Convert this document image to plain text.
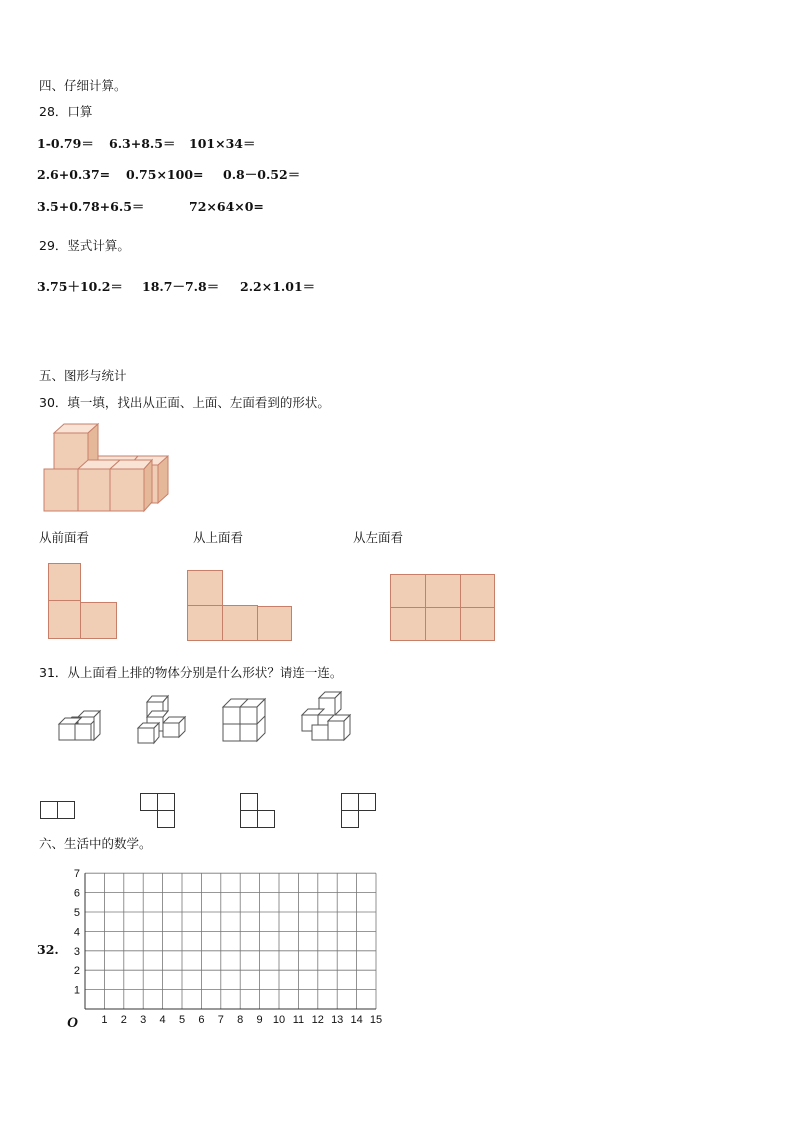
四、仔细计算。
28．口算
1-0.79＝ 6.3+8.5＝ 101×34＝
2.6+0.37= 0.75×100= 0.8－0.52＝
3.5+0.78+6.5＝	72×64×0=
29．竖式计算。
3.75＋10.2＝ 18.7－7.8＝ 2.2×1.01＝
五、图形与统计
30．填一填，找出从正面、上面、左面看到的形状。
从前面看	从上面看	从左面看
31．从上面看上排的物体分别是什么形状？请连一连。
六、生活中的数学。
32.
1 2 3 4 5 6 7 8 9 10 11 12 13 14 15
1
2
3
4
5
6
7
O
